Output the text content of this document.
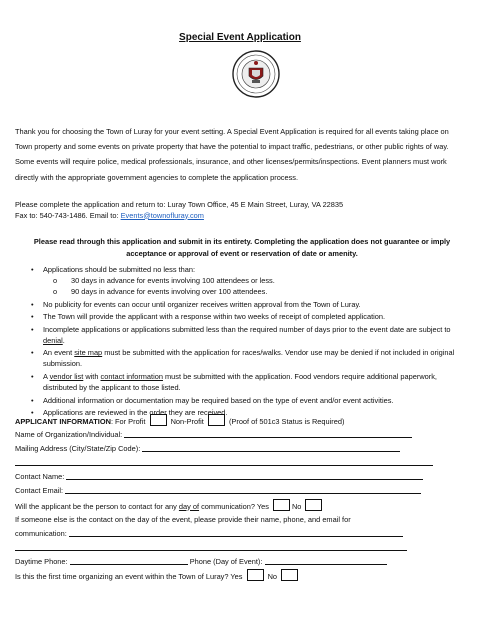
Special Event Application
Thank you for choosing the Town of Luray for your event setting. A Special Event Application is required for all events taking place on Town property and some events on private property that have the potential to impact traffic, pedestrians, or other public rights of way. Some events will require police, medical professionals, insurance, and other licenses/permits/inspections. Event planners must work directly with the appropriate government agencies to complete the application process.
Please complete the application and return to: Luray Town Office, 45 E Main Street, Luray, VA 22835
Fax to: 540-743-1486. Email to: Events@townofluray.com
Please read through this application and submit in its entirety. Completing the application does not guarantee or imply acceptance or approval of event or reservation of date or amenity.
• Applications should be submitted no less than:
o 30 days in advance for events involving 100 attendees or less.
o 90 days in advance for events involving over 100 attendees.
• No publicity for events can occur until organizer receives written approval from the Town of Luray.
• The Town will provide the applicant with a response within two weeks of receipt of completed application.
• Incomplete applications or applications submitted less than the required number of days prior to the event date are subject to denial.
• An event site map must be submitted with the application for races/walks. Vendor use may be denied if not included in original submission.
• A vendor list with contact information must be submitted with the application. Food vendors require additional paperwork, distributed by the applicant to those listed.
• Additional information or documentation may be required based on the type of event and/or event activities.
• Applications are reviewed in the order they are received.
APPLICANT INFORMATION: For Profit	Non-Profit	(Proof of 501c3 Status is Required)
Name of Organization/Individual:
Mailing Address (City/State/Zip Code):
Contact Name:
Contact Email:
Will the applicant be the person to contact for any day of communication? Yes	No
If someone else is the contact on the day of the event, please provide their name, phone, and email for
communication:
Daytime Phone:	Phone (Day of Event):
Is this the first time organizing an event within the Town of Luray? Yes	No
